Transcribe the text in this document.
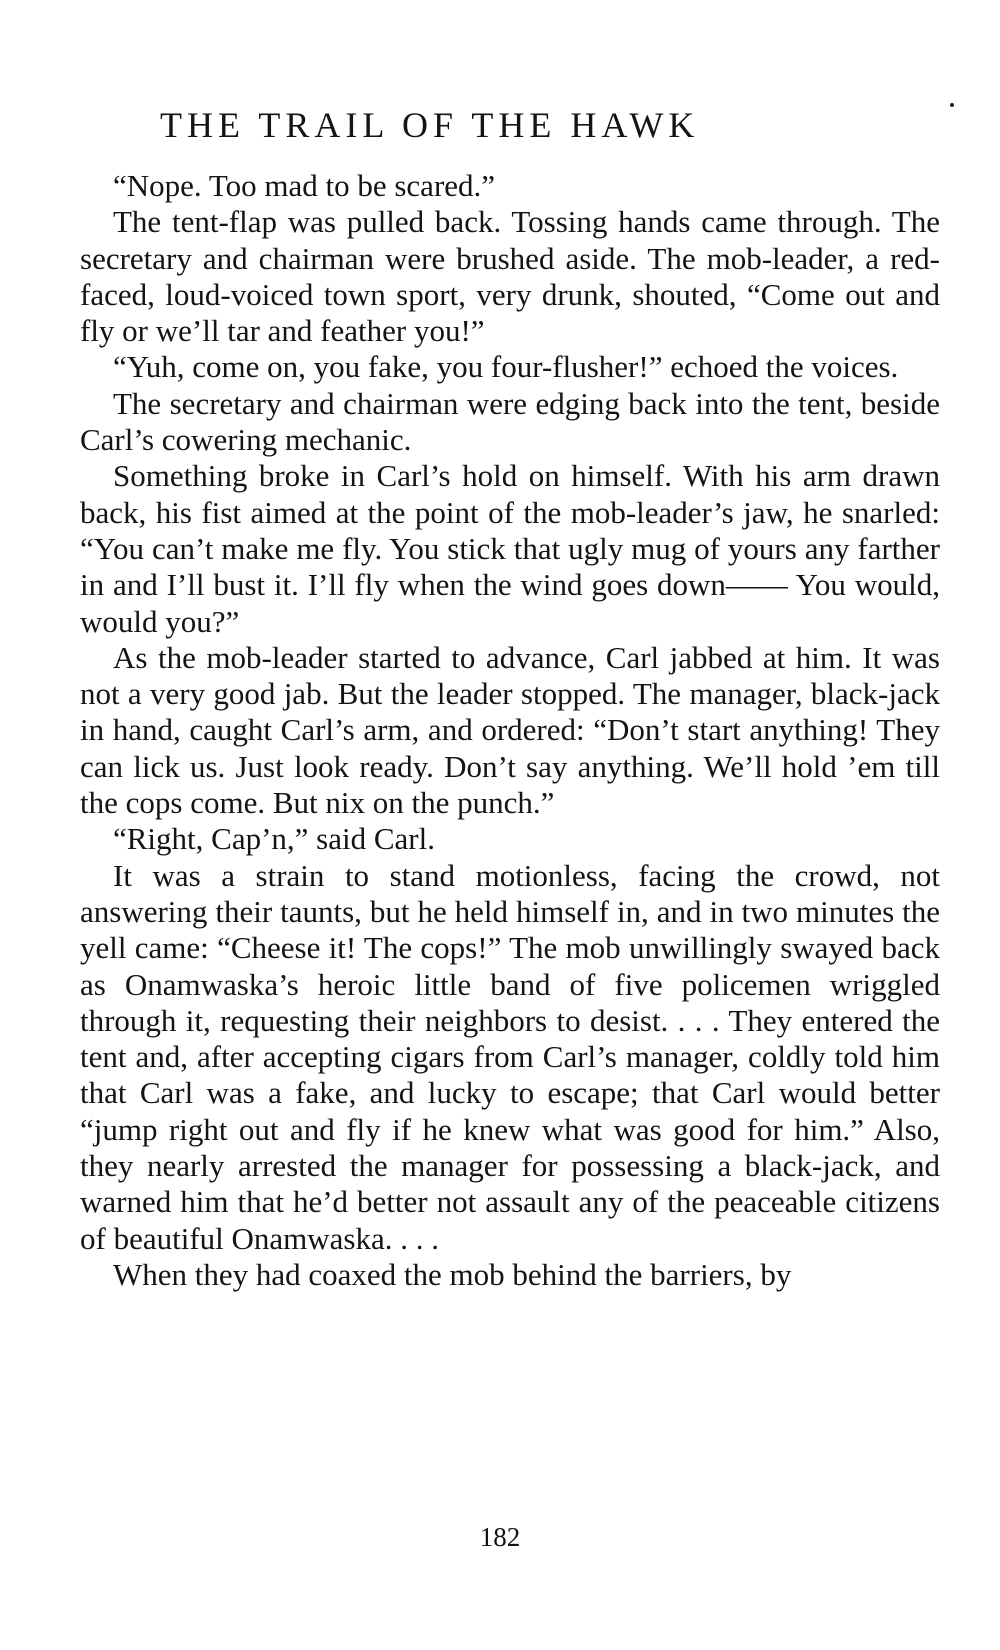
THE TRAIL OF THE HAWK

“Nope. Too mad to be scared.”

The tent-flap was pulled back. Tossing hands came through. The secretary and chairman were brushed aside. The mob-leader, a red-faced, loud-voiced town sport, very drunk, shouted, “Come out and fly or we’ll tar and feather you!”

“Yuh, come on, you fake, you four-flusher!” echoed the voices.

The secretary and chairman were edging back into the tent, beside Carl’s cowering mechanic.

Something broke in Carl’s hold on himself. With his arm drawn back, his fist aimed at the point of the mob-leader’s jaw, he snarled: “You can’t make me fly. You stick that ugly mug of yours any farther in and I’ll bust it. I’ll fly when the wind goes down—— You would, would you?”

As the mob-leader started to advance, Carl jabbed at him. It was not a very good jab. But the leader stopped. The manager, black-jack in hand, caught Carl’s arm, and ordered: “Don’t start anything! They can lick us. Just look ready. Don’t say anything. We’ll hold ’em till the cops come. But nix on the punch.”

“Right, Cap’n,” said Carl.

It was a strain to stand motionless, facing the crowd, not answering their taunts, but he held himself in, and in two minutes the yell came: “Cheese it! The cops!” The mob unwillingly swayed back as Onamwaska’s heroic little band of five policemen wriggled through it, requesting their neighbors to desist. . . . They entered the tent and, after accepting cigars from Carl’s manager, coldly told him that Carl was a fake, and lucky to escape; that Carl would better “jump right out and fly if he knew what was good for him.” Also, they nearly arrested the manager for possessing a black-jack, and warned him that he’d better not assault any of the peaceable citizens of beautiful Onamwaska. . . .

When they had coaxed the mob behind the barriers, by

182
